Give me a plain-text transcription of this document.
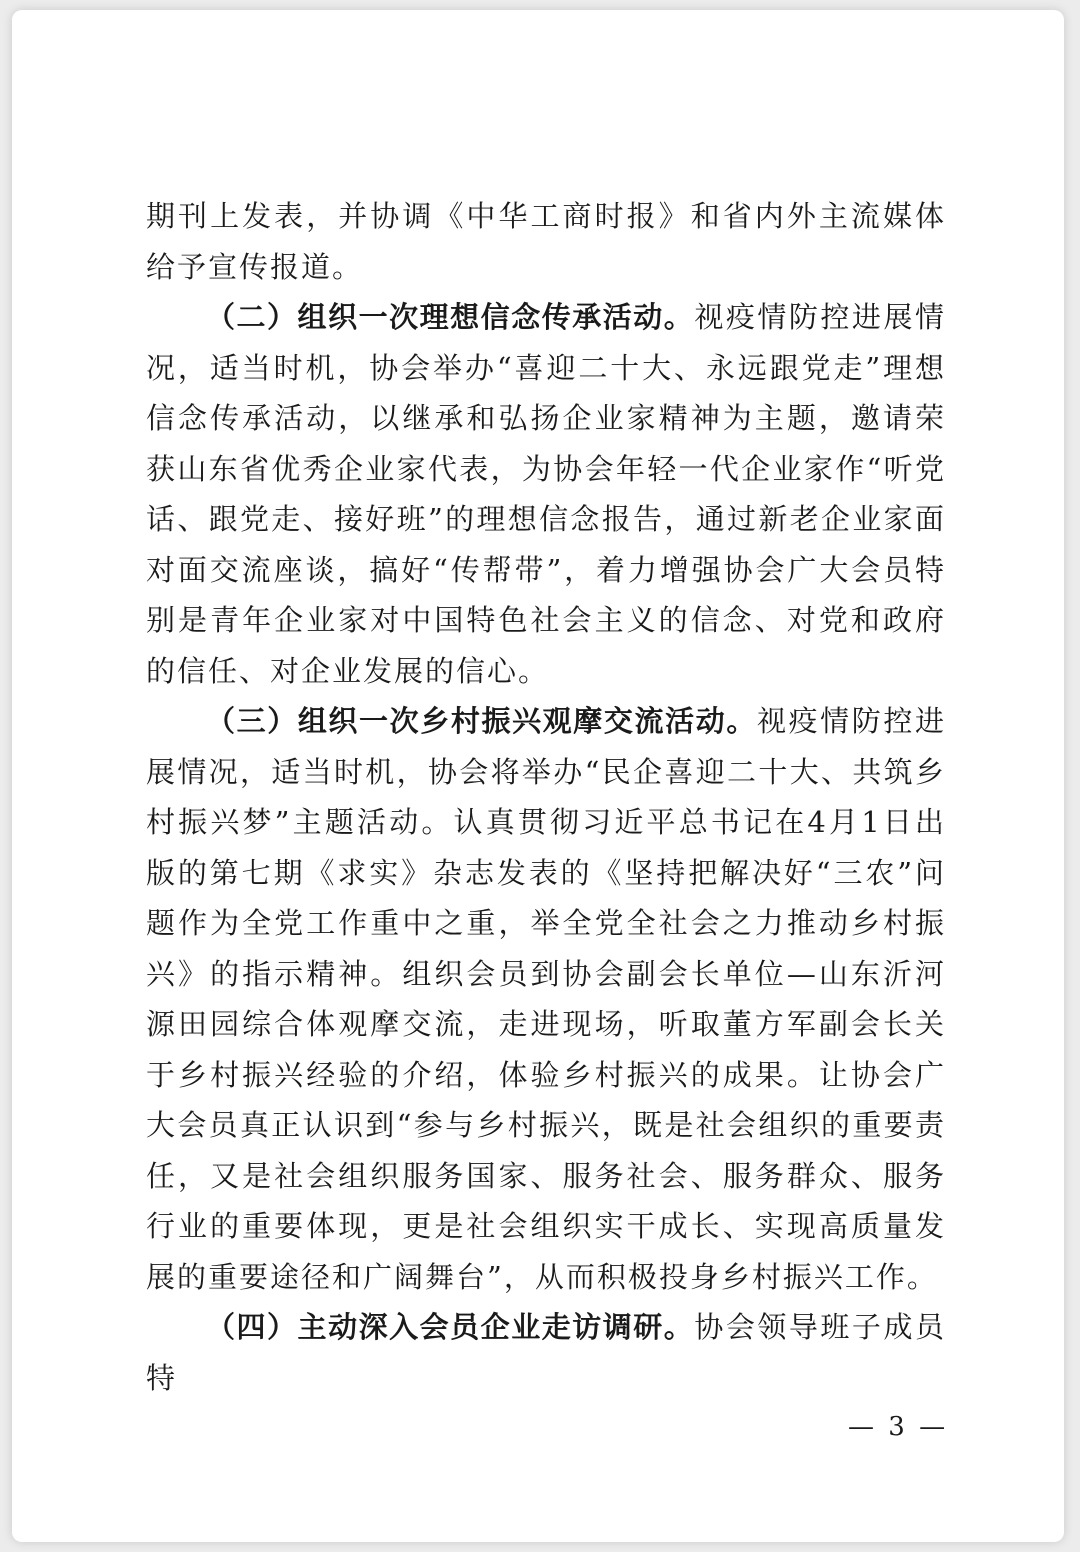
期刊上发表，并协调《中华工商时报》和省内外主流媒体给予宣传报道。

（二）组织一次理想信念传承活动。视疫情防控进展情况，适当时机，协会举办“喜迎二十大、永远跟党走”理想信念传承活动，以继承和弘扬企业家精神为主题，邀请荣获山东省优秀企业家代表，为协会年轻一代企业家作“听党话、跟党走、接好班”的理想信念报告，通过新老企业家面对面交流座谈，搞好“传帮带”，着力增强协会广大会员特别是青年企业家对中国特色社会主义的信念、对党和政府的信任、对企业发展的信心。

（三）组织一次乡村振兴观摩交流活动。视疫情防控进展情况，适当时机，协会将举办“民企喜迎二十大、共筑乡村振兴梦”主题活动。认真贯彻习近平总书记在4月1日出版的第七期《求实》杂志发表的《坚持把解决好“三农”问题作为全党工作重中之重，举全党全社会之力推动乡村振兴》的指示精神。组织会员到协会副会长单位—山东沂河源田园综合体观摩交流，走进现场，听取董方军副会长关于乡村振兴经验的介绍，体验乡村振兴的成果。让协会广大会员真正认识到“参与乡村振兴，既是社会组织的重要责任，又是社会组织服务国家、服务社会、服务群众、服务行业的重要体现，更是社会组织实干成长、实现高质量发展的重要途径和广阔舞台”，从而积极投身乡村振兴工作。

（四）主动深入会员企业走访调研。协会领导班子成员特

— 3 —
